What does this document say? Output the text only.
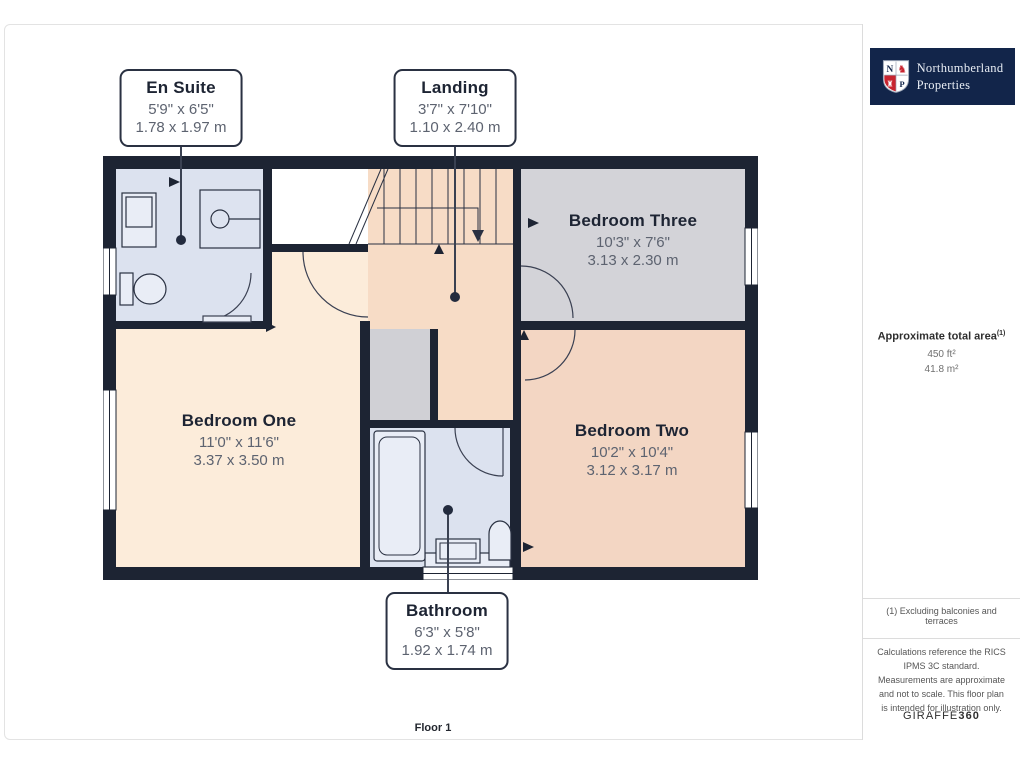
En Suite
5'9" x 6'5"
1.78 x 1.97 m
Landing
3'7" x 7'10"
1.10 x 2.40 m
Bathroom
6'3" x 5'8"
1.92 x 1.74 m
Bedroom One
11'0" x 11'6"
3.37 x 3.50 m
Bedroom Two
10'2" x 10'4"
3.12 x 3.17 m
Bedroom Three
10'3" x 7'6"
3.13 x 2.30 m
Floor 1
N ♞
♜ P
Northumberland
Properties
Approximate total area$^{(1)}$
450 ft²
41.8 m²
(1) Excluding balconies and terraces
Calculations reference the RICS IPMS 3C standard. Measurements are approximate and not to scale. This floor plan is intended for illustration only.
GIRAFFE360
